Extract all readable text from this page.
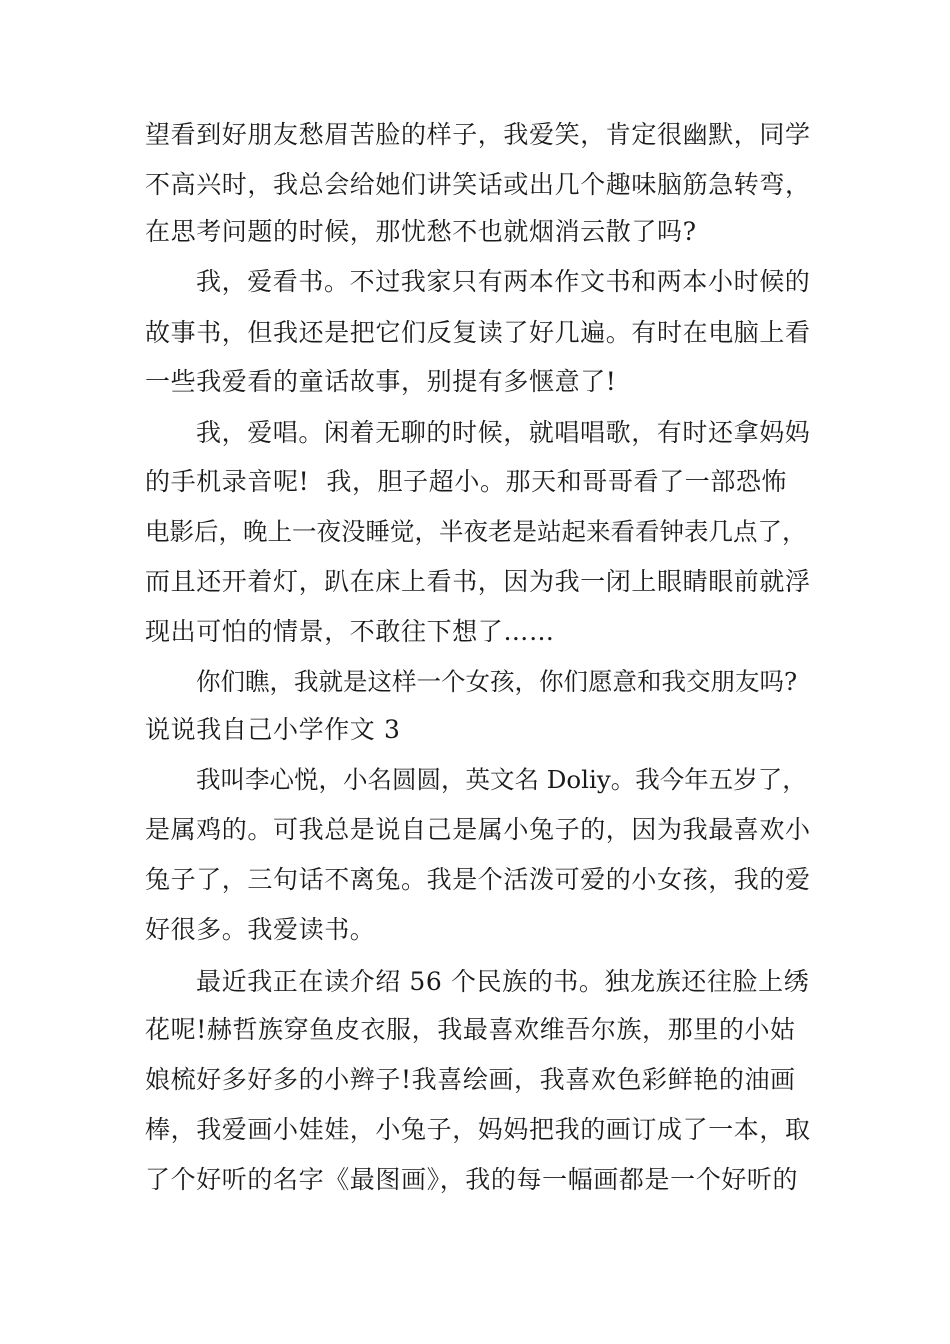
望看到好朋友愁眉苦脸的样子，我爱笑，肯定很幽默，同学
不高兴时，我总会给她们讲笑话或出几个趣味脑筋急转弯，
在思考问题的时候，那忧愁不也就烟消云散了吗?
我，爱看书。不过我家只有两本作文书和两本小时候的
故事书，但我还是把它们反复读了好几遍。有时在电脑上看
一些我爱看的童话故事，别提有多惬意了!
我，爱唱。闲着无聊的时候，就唱唱歌，有时还拿妈妈
的手机录音呢!  我，胆子超小。那天和哥哥看了一部恐怖
电影后，晚上一夜没睡觉，半夜老是站起来看看钟表几点了，
而且还开着灯，趴在床上看书，因为我一闭上眼睛眼前就浮
现出可怕的情景，不敢往下想了……
你们瞧，我就是这样一个女孩，你们愿意和我交朋友吗?
说说我自己小学作文 3
我叫李心悦，小名圆圆，英文名 Doliy。我今年五岁了，
是属鸡的。可我总是说自己是属小兔子的，因为我最喜欢小
兔子了，三句话不离兔。我是个活泼可爱的小女孩，我的爱
好很多。我爱读书。
最近我正在读介绍 56 个民族的书。独龙族还往脸上绣
花呢!赫哲族穿鱼皮衣服，我最喜欢维吾尔族，那里的小姑
娘梳好多好多的小辫子!我喜绘画，我喜欢色彩鲜艳的油画
棒，我爱画小娃娃，小兔子，妈妈把我的画订成了一本，取
了个好听的名字《最图画》，我的每一幅画都是一个好听的
